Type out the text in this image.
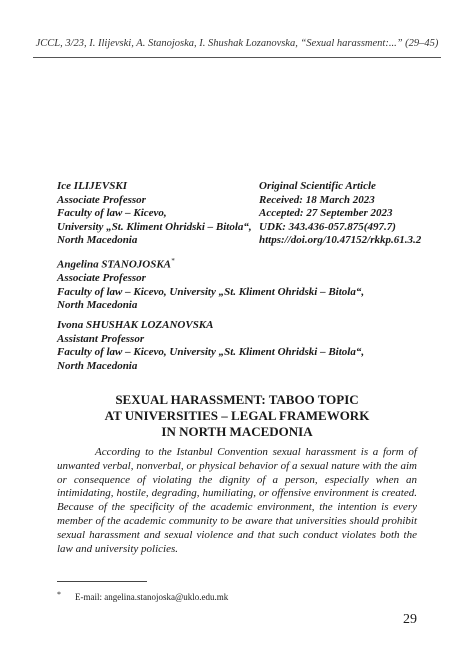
JCCL, 3/23, I. Ilijevski, A. Stanojoska, I. Shushak Lozanovska, “Sexual harassment:...” (29–45)
Ice ILIJEVSKI
Associate Professor
Faculty of law – Kicevo,
University „St. Kliment Ohridski – Bitola“,
North Macedonia
Original Scientific Article
Received: 18 March 2023
Accepted: 27 September 2023
UDK: 343.436-057.875(497.7)
https://doi.org/10.47152/rkkp.61.3.2
Angelina STANOJOSKA*
Associate Professor
Faculty of law – Kicevo, University „St. Kliment Ohridski – Bitola“,
North Macedonia
Ivona SHUSHAK LOZANOVSKA
Assistant Professor
Faculty of law – Kicevo, University „St. Kliment Ohridski – Bitola“,
North Macedonia
SEXUAL HARASSMENT: TABOO TOPIC
AT UNIVERSITIES – LEGAL FRAMEWORK
IN NORTH MACEDONIA

According to the Istanbul Convention sexual harassment is a form of unwanted verbal, nonverbal, or physical behavior of a sexual nature with the aim or consequence of violating the dignity of a person, especially when an intimidating, hostile, degrading, humiliating, or offensive environment is created. Because of the specificity of the academic environment, the intention is every member of the academic community to be aware that universities should prohibit sexual harassment and sexual violence and that such conduct violates both the law and university policies.

* E-mail: angelina.stanojoska@uklo.edu.mk
29
